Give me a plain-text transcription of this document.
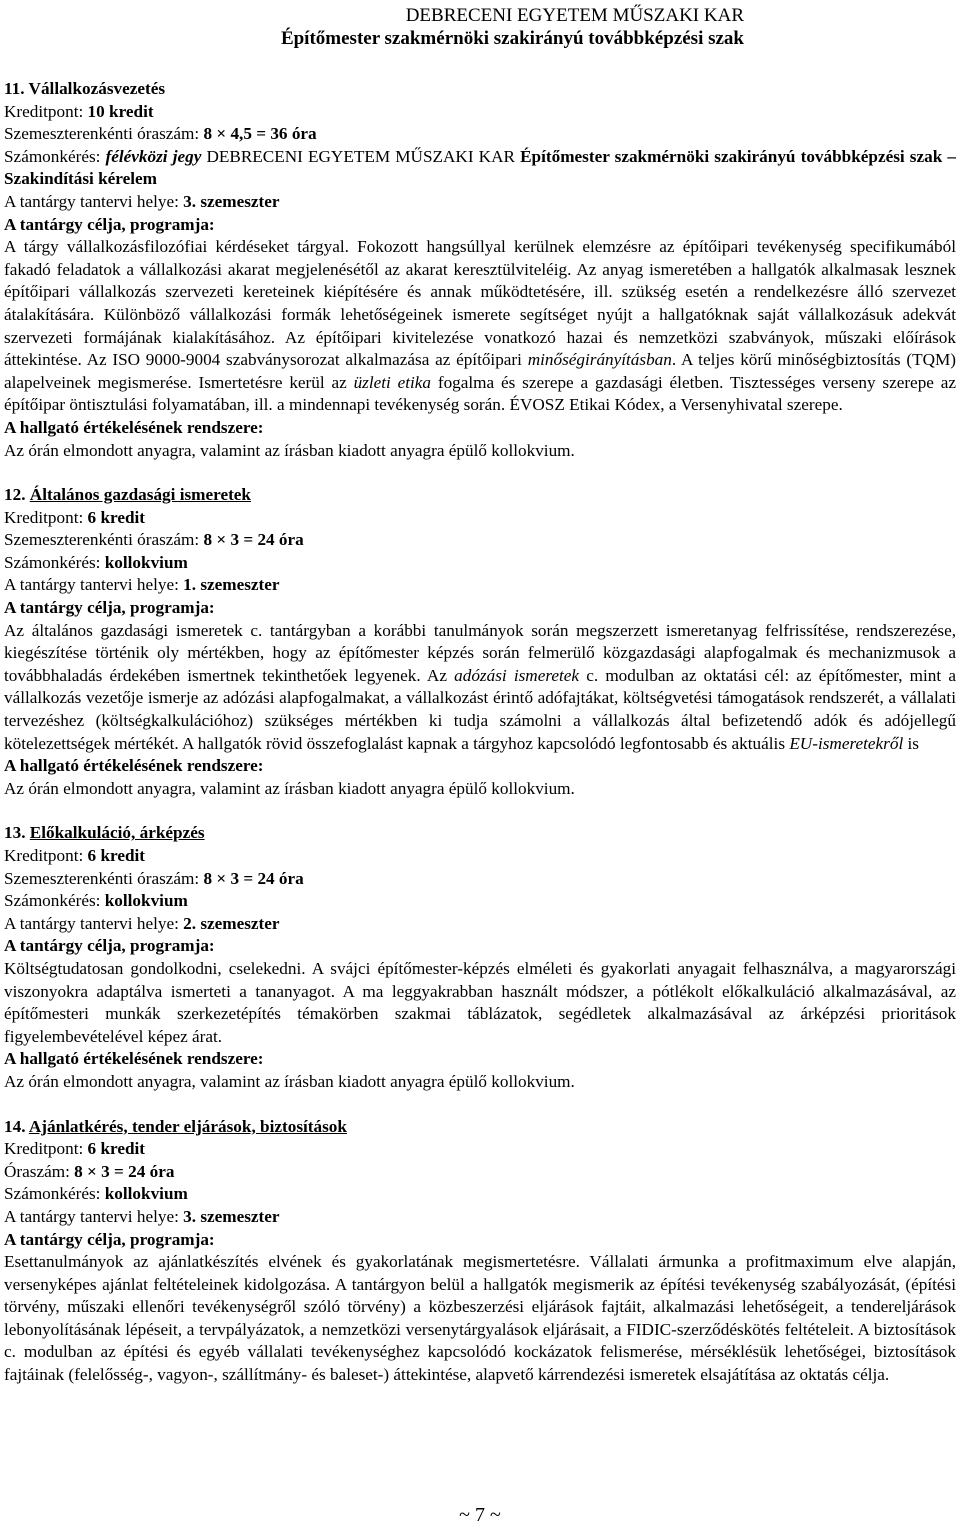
DEBRECENI EGYETEM MŰSZAKI KAR
Építőmester szakmérnöki szakirányú továbbképzési szak

11. Vállalkozásvezetés

Kreditpont: 10 kredit

Szemeszterenkénti óraszám: 8 × 4,5 = 36 óra

Számonkérés: félévközi jegy DEBRECENI EGYETEM MŰSZAKI KAR Építőmester szakmérnöki szakirányú továbbképzési szak – Szakindítási kérelem

A tantárgy tantervi helye: 3. szemeszter

A tantárgy célja, programja:

A tárgy vállalkozásfilozófiai kérdéseket tárgyal. Fokozott hangsúllyal kerülnek elemzésre az építőipari tevékenység specifikumából fakadó feladatok a vállalkozási akarat megjelenésétől az akarat keresztülviteléig. Az anyag ismeretében a hallgatók alkalmasak lesznek építőipari vállalkozás szervezeti kereteinek kiépítésére és annak működtetésére, ill. szükség esetén a rendelkezésre álló szervezet átalakítására. Különböző vállalkozási formák lehetőségeinek ismerete segítséget nyújt a hallgatóknak saját vállalkozásuk adekvát szervezeti formájának kialakításához. Az építőipari kivitelezése vonatkozó hazai és nemzetközi szabványok, műszaki előírások áttekintése. Az ISO 9000-9004 szabványsorozat alkalmazása az építőipari minőségirányításban. A teljes körű minőségbiztosítás (TQM) alapelveinek megismerése. Ismertetésre kerül az üzleti etika fogalma és szerepe a gazdasági életben. Tisztességes verseny szerepe az építőipar öntisztulási folyamatában, ill. a mindennapi tevékenység során. ÉVOSZ Etikai Kódex, a Versenyhivatal szerepe.

A hallgató értékelésének rendszere:

Az órán elmondott anyagra, valamint az írásban kiadott anyagra épülő kollokvium.

12. Általános gazdasági ismeretek

Kreditpont: 6 kredit

Szemeszterenkénti óraszám: 8 × 3 = 24 óra

Számonkérés: kollokvium

A tantárgy tantervi helye: 1. szemeszter

A tantárgy célja, programja:

Az általános gazdasági ismeretek c. tantárgyban a korábbi tanulmányok során megszerzett ismeretanyag felfrissítése, rendszerezése, kiegészítése történik oly mértékben, hogy az építőmester képzés során felmerülő közgazdasági alapfogalmak és mechanizmusok a továbbhaladás érdekében ismertnek tekinthetőek legyenek. Az adózási ismeretek c. modulban az oktatási cél: az építőmester, mint a vállalkozás vezetője ismerje az adózási alapfogalmakat, a vállalkozást érintő adófajtákat, költségvetési támogatások rendszerét, a vállalati tervezéshez (költségkalkulációhoz) szükséges mértékben ki tudja számolni a vállalkozás által befizetendő adók és adójellegű kötelezettségek mértékét. A hallgatók rövid összefoglalást kapnak a tárgyhoz kapcsolódó legfontosabb és aktuális EU-ismeretekről is

A hallgató értékelésének rendszere:

Az órán elmondott anyagra, valamint az írásban kiadott anyagra épülő kollokvium.

13. Előkalkuláció, árképzés

Kreditpont: 6 kredit

Szemeszterenkénti óraszám: 8 × 3 = 24 óra

Számonkérés: kollokvium

A tantárgy tantervi helye: 2. szemeszter

A tantárgy célja, programja:

Költségtudatosan gondolkodni, cselekedni. A svájci építőmester-képzés elméleti és gyakorlati anyagait felhasználva, a magyarországi viszonyokra adaptálva ismerteti a tananyagot. A ma leggyakrabban használt módszer, a pótlékolt előkalkuláció alkalmazásával, az építőmesteri munkák szerkezetépítés témakörben szakmai táblázatok, segédletek alkalmazásával az árképzési prioritások figyelembevételével képez árat.

A hallgató értékelésének rendszere:

Az órán elmondott anyagra, valamint az írásban kiadott anyagra épülő kollokvium.

14. Ajánlatkérés, tender eljárások, biztosítások

Kreditpont: 6 kredit

Óraszám: 8 × 3 = 24 óra

Számonkérés: kollokvium

A tantárgy tantervi helye: 3. szemeszter

A tantárgy célja, programja:

Esettanulmányok az ajánlatkészítés elvének és gyakorlatának megismertetésre. Vállalati ármunka a profitmaximum elve alapján, versenyképes ajánlat feltételeinek kidolgozása. A tantárgyon belül a hallgatók megismerik az építési tevékenység szabályozását, (építési törvény, műszaki ellenőri tevékenységről szóló törvény) a közbeszerzési eljárások fajtáit, alkalmazási lehetőségeit, a tendereljárások lebonyolításának lépéseit, a tervpályázatok, a nemzetközi versenytárgyalások eljárásait, a FIDIC-szerződéskötés feltételeit. A biztosítások c. modulban az építési és egyéb vállalati tevékenységhez kapcsolódó kockázatok felismerése, mérséklésük lehetőségei, biztosítások fajtáinak (felelősség-, vagyon-, szállítmány- és baleset-) áttekintése, alapvető kárrendezési ismeretek elsajátítása az oktatás célja.

~ 7 ~
